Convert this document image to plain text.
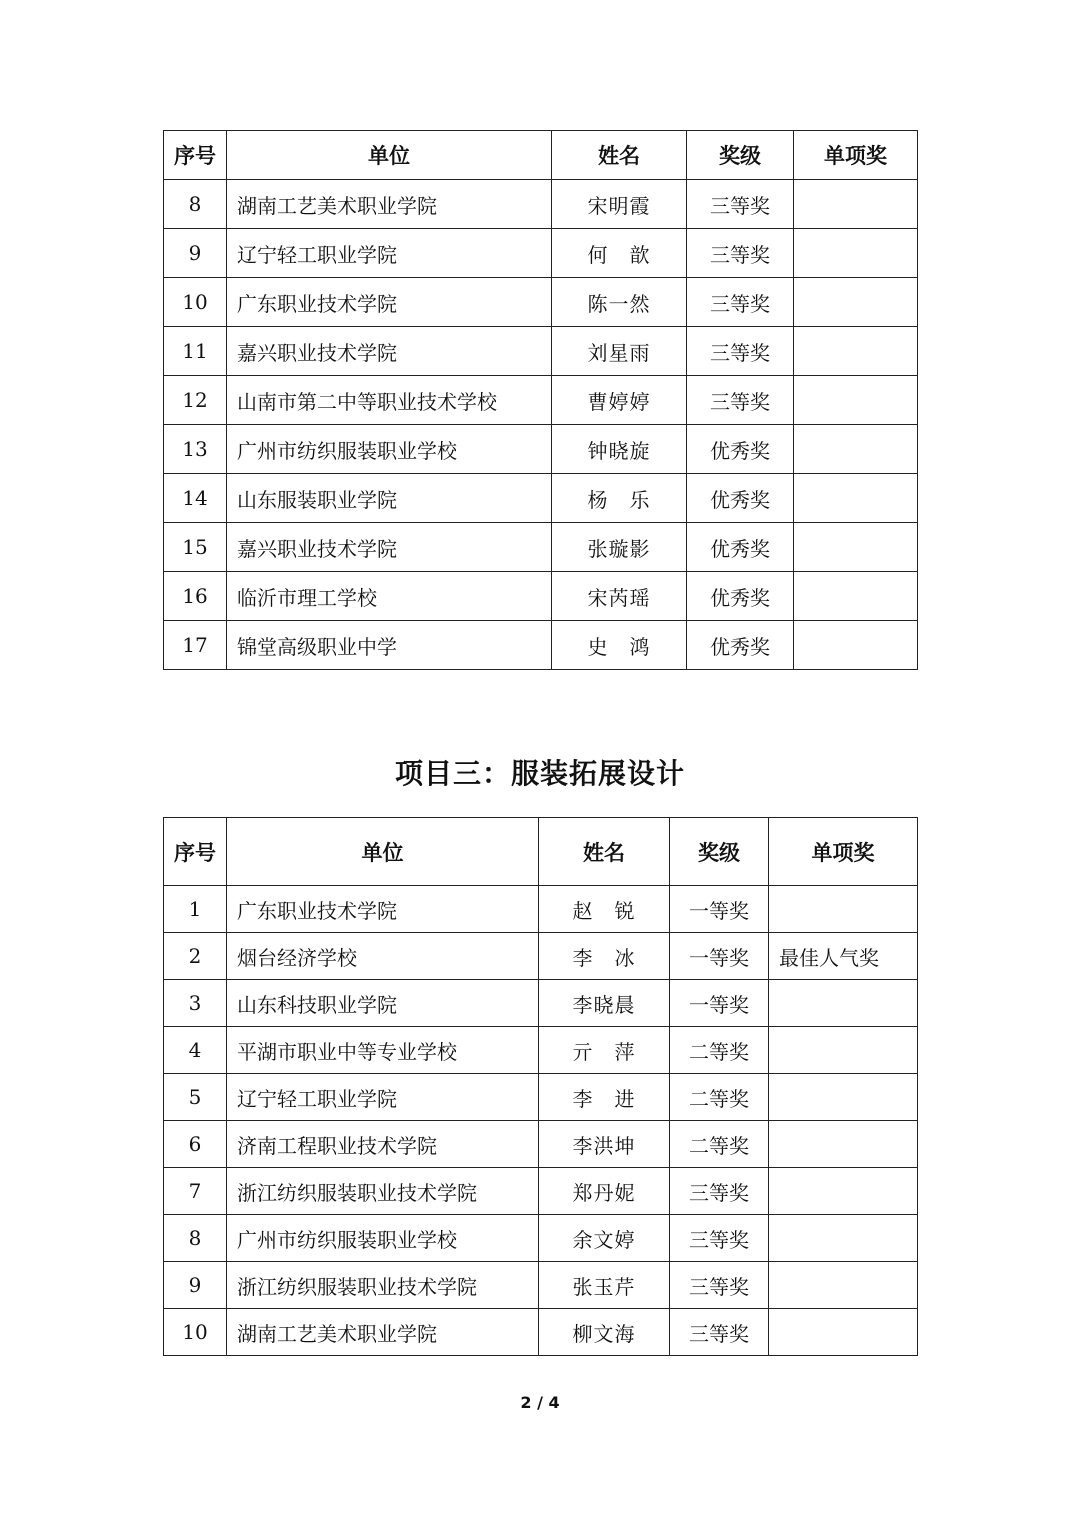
序号	单位	姓名	奖级	单项奖
8	湖南工艺美术职业学院	宋明霞	三等奖	
9	辽宁轻工职业学院	何　歆	三等奖	
10	广东职业技术学院	陈一然	三等奖	
11	嘉兴职业技术学院	刘星雨	三等奖	
12	山南市第二中等职业技术学校	曹婷婷	三等奖	
13	广州市纺织服装职业学校	钟晓旋	优秀奖	
14	山东服装职业学院	杨　乐	优秀奖	
15	嘉兴职业技术学院	张璇影	优秀奖	
16	临沂市理工学校	宋芮瑶	优秀奖	
17	锦堂高级职业中学	史　鸿	优秀奖	
项目三：服装拓展设计
序号	单位	姓名	奖级	单项奖
1	广东职业技术学院	赵　锐	一等奖	
2	烟台经济学校	李　冰	一等奖	最佳人气奖
3	山东科技职业学院	李晓晨	一等奖	
4	平湖市职业中等专业学校	亓　萍	二等奖	
5	辽宁轻工职业学院	李　进	二等奖	
6	济南工程职业技术学院	李洪坤	二等奖	
7	浙江纺织服装职业技术学院	郑丹妮	三等奖	
8	广州市纺织服装职业学校	余文婷	三等奖	
9	浙江纺织服装职业技术学院	张玉芹	三等奖	
10	湖南工艺美术职业学院	柳文海	三等奖	
2 / 4
